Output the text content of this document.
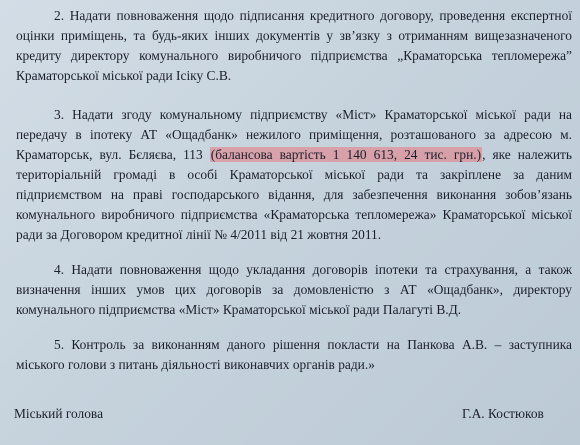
2. Надати повноваження щодо підписання кредитного договору, проведення експертної оцінки приміщень, та будь-яких інших документів у зв’язку з отриманням вищезазначеного кредиту директору комунального виробничого підприємства „Краматорська тепломережа” Краматорської міської ради Ісіку С.В.

3. Надати згоду комунальному підприємству «Міст» Краматорської міської ради на передачу в іпотеку АТ «Ощадбанк» нежилого приміщення, розташованого за адресою м. Краматорськ, вул. Бєляєва, 113 (балансова вартість 1 140 613, 24 тис. грн.), яке належить територіальній громаді в особі Краматорської міської ради та закріплене за даним підприємством на праві господарського відання, для забезпечення виконання зобов’язань комунального виробничого підприємства «Краматорська тепломережа» Краматорської міської ради за Договором кредитної лінії № 4/2011 від 21 жовтня 2011.

4. Надати повноваження щодо укладання договорів іпотеки та страхування, а також визначення інших умов цих договорів за домовленістю з АТ «Ощадбанк», директору комунального підприємства «Міст» Краматорської міської ради Палагуті В.Д.

5. Контроль за виконанням даного рішення покласти на Панкова А.В. – заступника міського голови з питань діяльності виконавчих органів ради.»

Міський голова	Г.А. Костюков
